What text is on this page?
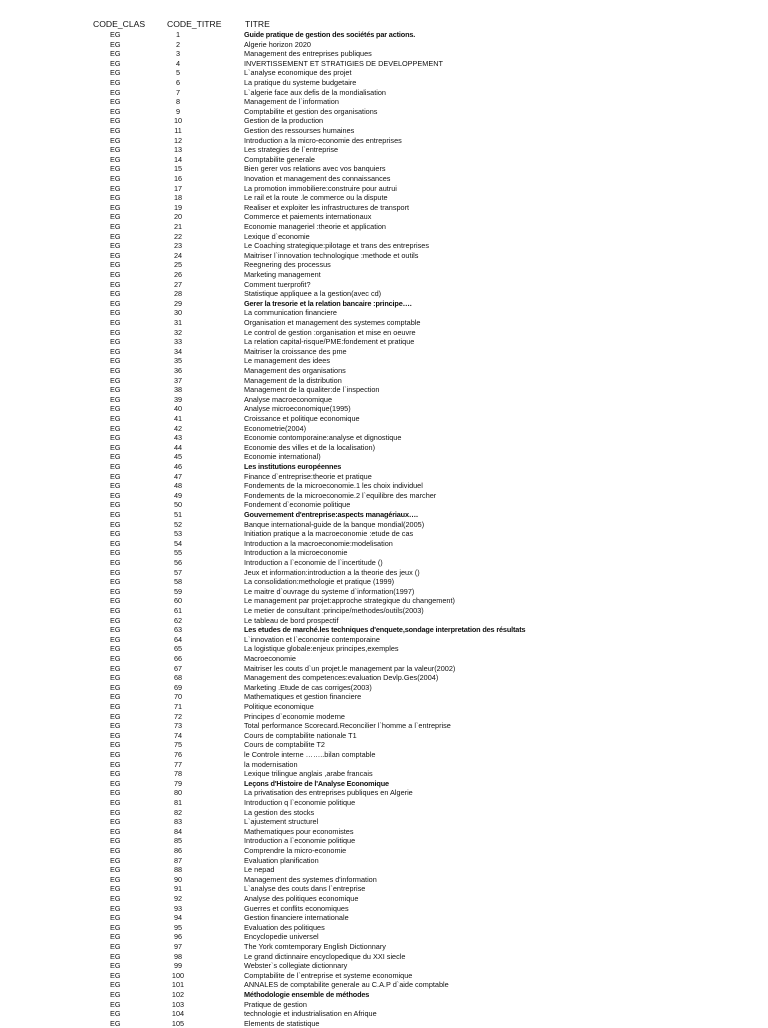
CODE_CLAS	CODE_TITRE	TITRE
EG	1	Guide pratique de gestion des sociétés par actions.
EG	2	Algerie horizon 2020
EG	3	Management des entreprises publiques
EG	4	INVERTISSEMENT ET STRATIGIES DE DEVELOPPEMENT
EG	5	L`analyse economique des projet
EG	6	La pratique du systeme budgetaire
EG	7	L`algerie face aux defis de la mondialisation
EG	8	Management de l`information
EG	9	Comptabilite et gestion des organisations
EG	10	Gestion de la production
EG	11	Gestion des ressourses humaines
EG	12	Introduction a la micro-economie des entreprises
EG	13	Les strategies de l`entreprise
EG	14	Comptabilite generale
EG	15	Bien gerer vos relations avec vos banquiers
EG	16	Inovation et management des connaissances
EG	17	La promotion immobiliere:construire pour autrui
EG	18	Le rail et la route .le commerce ou la dispute
EG	19	Realiser et exploiter les infrastructures de transport
EG	20	Commerce et paiements internationaux
EG	21	Economie manageriel :theorie et application
EG	22	Lexique d`economie
EG	23	Le Coaching strategique:pilotage et trans des entreprises
EG	24	Maitriser l`innovation technologique :methode et outils
EG	25	Reegnering des processus
EG	26	Marketing management
EG	27	Comment tuerprofit?
EG	28	Statistique appliquee a la gestion(avec cd)
EG	29	Gerer la tresorie et la relation bancaire :principe….
EG	30	La communication financiere
EG	31	Organisation et management des systemes comptable
EG	32	Le control de gestion :organisation et mise en oeuvre
EG	33	La relation capital-risque/PME:fondement et pratique
EG	34	Maitriser la croissance des pme
EG	35	Le management des idees
EG	36	Management des organisations
EG	37	Management de la distribution
EG	38	Management de la qualiter:de l`inspection
EG	39	Analyse macroeconomique
EG	40	Analyse microeconomique(1995)
EG	41	Croissance et politique economique
EG	42	Econometrie(2004)
EG	43	Economie contomporaine:analyse et dignostique
EG	44	Economie des villes et de la localisation)
EG	45	Economie international)
EG	46	Les institutions européennes
EG	47	Finance d`entreprise:theorie et pratique
EG	48	Fondements de la microeconomie.1 les choix individuel
EG	49	Fondements de la microeconomie.2 l`equilibre des marcher
EG	50	Fondement d`economie politique
EG	51	Gouvernement d'entreprise:aspects managériaux….
EG	52	Banque international-guide de la banque mondial(2005)
EG	53	Initiation pratique a la macroeconomie :etude de cas
EG	54	Introduction a la macroeconomie:modelisation
EG	55	Introduction a la microeconomie
EG	56	Introduction a l`economie de l`incertitude ()
EG	57	Jeux et information:introduction a la theorie des jeux ()
EG	58	La consolidation:methologie et pratique (1999)
EG	59	Le maitre d`ouvrage du systeme d`information(1997)
EG	60	Le management par projet:approche strategique du changement)
EG	61	Le metier de consultant :principe/methodes/outils(2003)
EG	62	Le tableau de bord prospectif
EG	63	Les etudes de marché.les techniques d'enquete,sondage interpretation des résultats
EG	64	L`innovation et l`economie contemporaine
EG	65	La logistique globale:enjeux principes,exemples
EG	66	Macroeconomie
EG	67	Maitriser les couts d`un projet.le management par la valeur(2002)
EG	68	Management des competences:evaluation Devlp.Ges(2004)
EG	69	Marketing .Etude de cas corriges(2003)
EG	70	Mathematiques et gestion financiere
EG	71	Politique economique
EG	72	Principes d`economie moderne
EG	73	Total performance Scorecard.Reconcilier l`homme a l`entreprise
EG	74	Cours de comptabilite nationale T1
EG	75	Cours de comptabilite T2
EG	76	le Controle interne ……..bilan comptable
EG	77	la modernisation
EG	78	Lexique trilingue anglais ,arabe francais
EG	79	Leçons d'Histoire de l'Analyse Economique
EG	80	La privatisation des entreprises publiques en Algerie
EG	81	Introduction q l`economie politique
EG	82	La gestion des stocks
EG	83	L`ajustement structurel
EG	84	Mathematiques pour economistes
EG	85	Introduction a l`economie politique
EG	86	Comprendre la micro-economie
EG	87	Evaluation planification
EG	88	Le nepad
EG	90	Management des systemes d'information
EG	91	L`analyse des couts dans l`entreprise
EG	92	Analyse des politiques economique
EG	93	Guerres et conflits economiques
EG	94	Gestion financiere internationale
EG	95	Evaluation des politiques
EG	96	Encyclopedie universel
EG	97	The York comtemporary English Dictionnary
EG	98	Le grand dictinnaire encyclopedique du XXI siecle
EG	99	Webster`s collegiate dictionnary
EG	100	Comptabilite de l`entreprise et systeme economique
EG	101	ANNALES de comptabilite generale au C.A.P d`aide comptable
EG	102	Méthodologie ensemble de méthodes
EG	103	Pratique de gestion
EG	104	technologie et industrialisation en Afrique
EG	105	Elements de statistique
